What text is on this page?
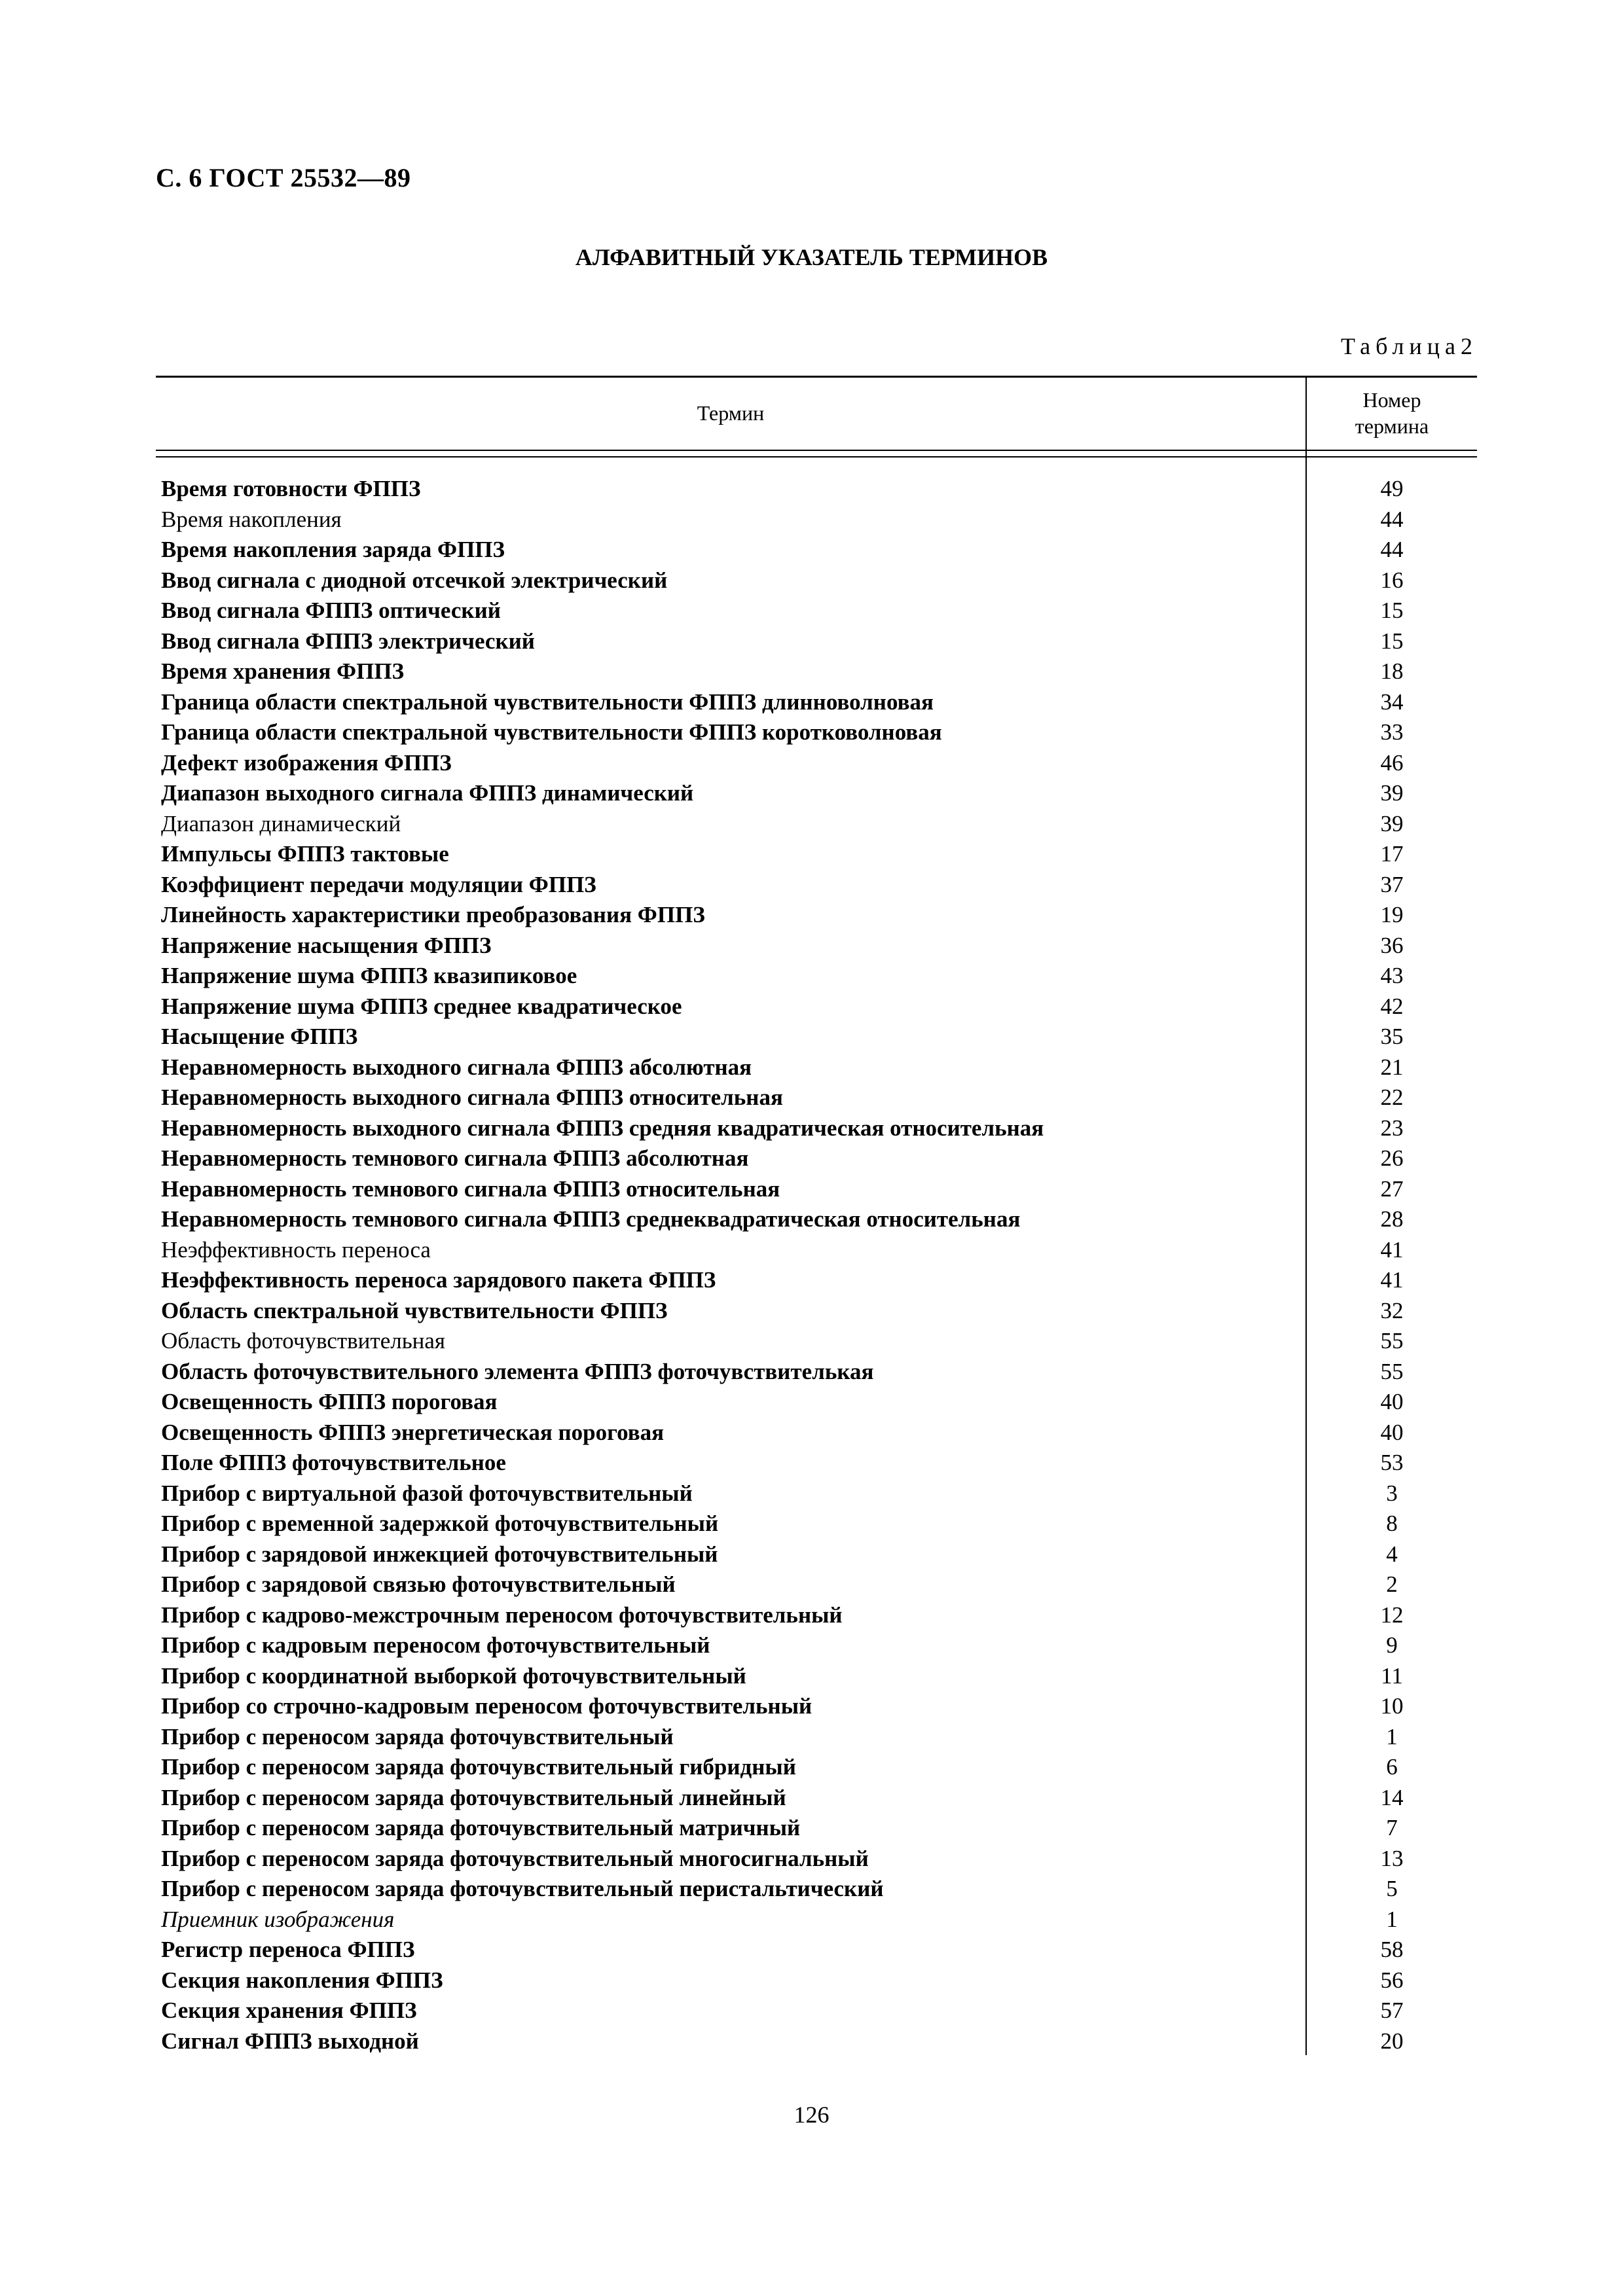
С. 6 ГОСТ 25532—89
АЛФАВИТНЫЙ УКАЗАТЕЛЬ ТЕРМИНОВ
Таблица2
Термин
Номер
термина
Время готовности ФППЗ	49
Время накопления	44
Время накопления заряда ФППЗ	44
Ввод сигнала с диодной отсечкой электрический	16
Ввод сигнала ФППЗ оптический	15
Ввод сигнала ФППЗ электрический	15
Время хранения ФППЗ	18
Граница области спектральной чувствительности ФППЗ длинноволновая	34
Граница области спектральной чувствительности ФППЗ коротковолновая	33
Дефект изображения ФППЗ	46
Диапазон выходного сигнала ФППЗ динамический	39
Диапазон динамический	39
Импульсы ФППЗ тактовые	17
Коэффициент передачи модуляции ФППЗ	37
Линейность характеристики преобразования ФППЗ	19
Напряжение насыщения ФППЗ	36
Напряжение шума ФППЗ квазипиковое	43
Напряжение шума ФППЗ среднее квадратическое	42
Насыщение ФППЗ	35
Неравномерность выходного сигнала ФППЗ абсолютная	21
Неравномерность выходного сигнала ФППЗ относительная	22
Неравномерность выходного сигнала ФППЗ средняя квадратическая относительная	23
Неравномерность темнового сигнала ФППЗ абсолютная	26
Неравномерность темнового сигнала ФППЗ относительная	27
Неравномерность темнового сигнала ФППЗ среднеквадратическая относительная	28
Неэффективность переноса	41
Неэффективность переноса зарядового пакета ФППЗ	41
Область спектральной чувствительности ФППЗ	32
Область фоточувствительная	55
Область фоточувствительного элемента ФППЗ фоточувствителькая	55
Освещенность ФППЗ пороговая	40
Освещенность ФППЗ энергетическая пороговая	40
Поле ФППЗ фоточувствительное	53
Прибор с виртуальной фазой фоточувствительный	3
Прибор с временной задержкой фоточувствительный	8
Прибор с зарядовой инжекцией фоточувствительный	4
Прибор с зарядовой связью фоточувствительный	2
Прибор с кадрово-межстрочным переносом фоточувствительный	12
Прибор с кадровым переносом фоточувствительный	9
Прибор с координатной выборкой фоточувствительный	11
Прибор со строчно-кадровым переносом фоточувствительный	10
Прибор с переносом заряда фоточувствительный	1
Прибор с переносом заряда фоточувствительный гибридный	6
Прибор с переносом заряда фоточувствительный линейный	14
Прибор с переносом заряда фоточувствительный матричный	7
Прибор с переносом заряда фоточувствительный многосигнальный	13
Прибор с переносом заряда фоточувствительный перистальтический	5
Приемник изображения	1
Регистр переноса ФППЗ	58
Секция накопления ФППЗ	56
Секция хранения ФППЗ	57
Сигнал ФППЗ выходной	20
126
